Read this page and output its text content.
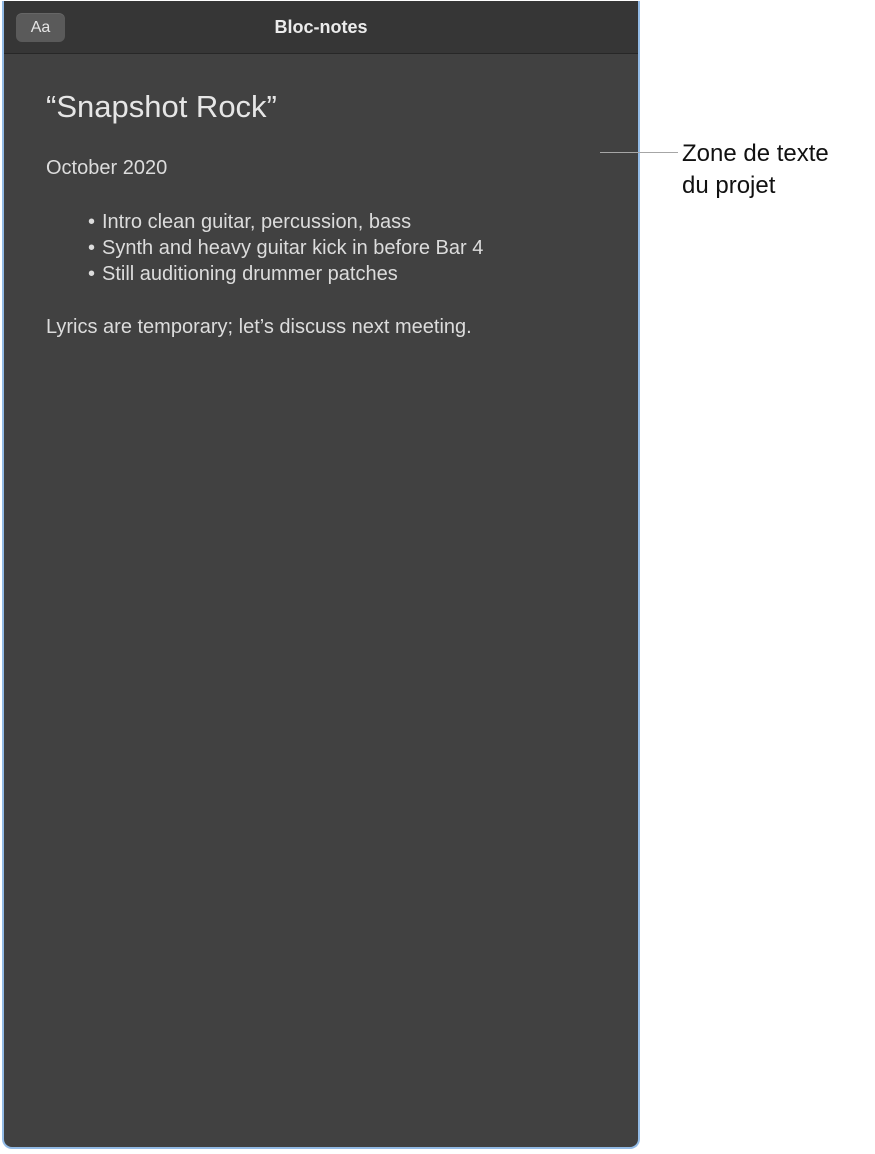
Aa	Bloc-notes
“Snapshot Rock”
October 2020
• Intro clean guitar, percussion, bass
• Synth and heavy guitar kick in before Bar 4
• Still auditioning drummer patches
Lyrics are temporary; let’s discuss next meeting.
Zone de texte
du projet
